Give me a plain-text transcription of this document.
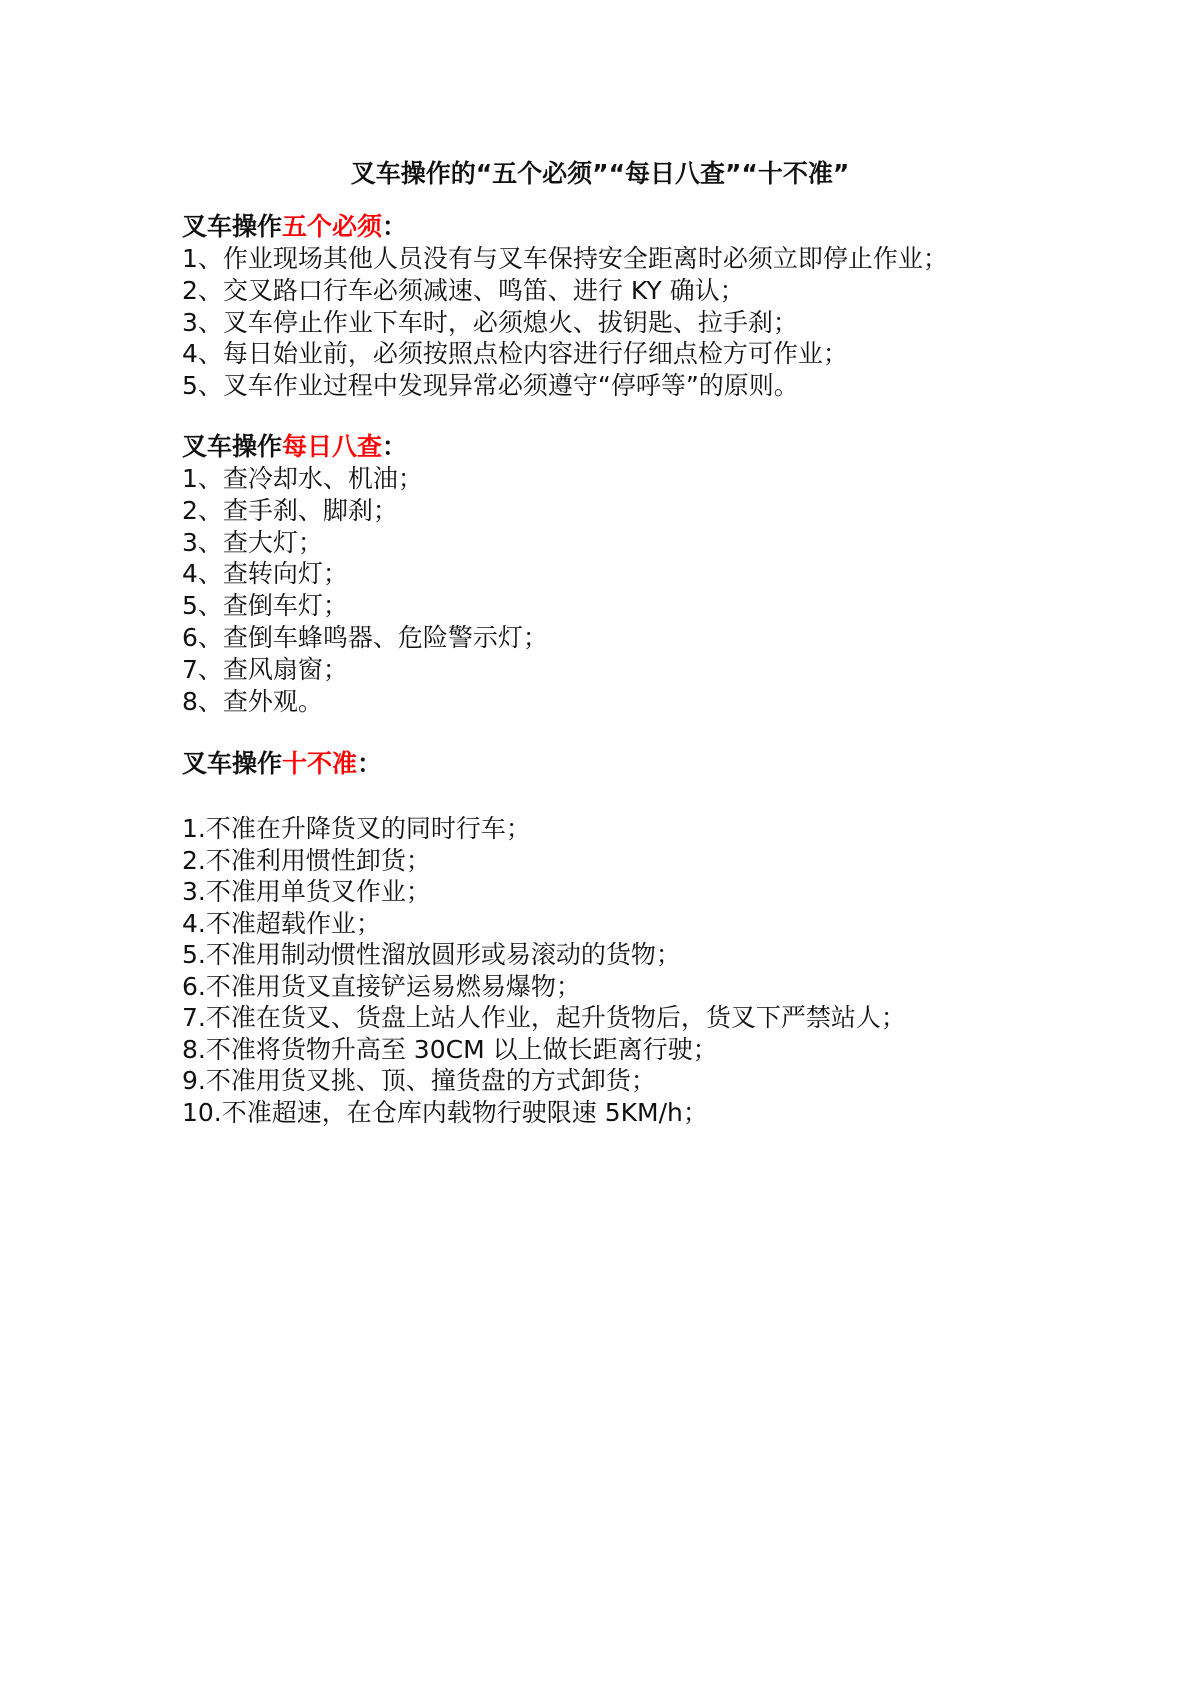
叉车操作的“五个必须”“每日八查”“十不准”
叉车操作五个必须：
1、作业现场其他人员没有与叉车保持安全距离时必须立即停止作业；
2、交叉路口行车必须减速、鸣笛、进行 KY 确认；
3、叉车停止作业下车时，必须熄火、拔钥匙、拉手刹；
4、每日始业前，必须按照点检内容进行仔细点检方可作业；
5、叉车作业过程中发现异常必须遵守“停呼等”的原则。
叉车操作每日八查：
1、查冷却水、机油；
2、查手刹、脚刹；
3、查大灯；
4、查转向灯；
5、查倒车灯；
6、查倒车蜂鸣器、危险警示灯；
7、查风扇窗；
8、查外观。
叉车操作十不准：
1.不准在升降货叉的同时行车；
2.不准利用惯性卸货；
3.不准用单货叉作业；
4.不准超载作业；
5.不准用制动惯性溜放圆形或易滚动的货物；
6.不准用货叉直接铲运易燃易爆物；
7.不准在货叉、货盘上站人作业，起升货物后，货叉下严禁站人；
8.不准将货物升高至 30CM 以上做长距离行驶；
9.不准用货叉挑、顶、撞货盘的方式卸货；
10.不准超速，在仓库内载物行驶限速 5KM/h；
